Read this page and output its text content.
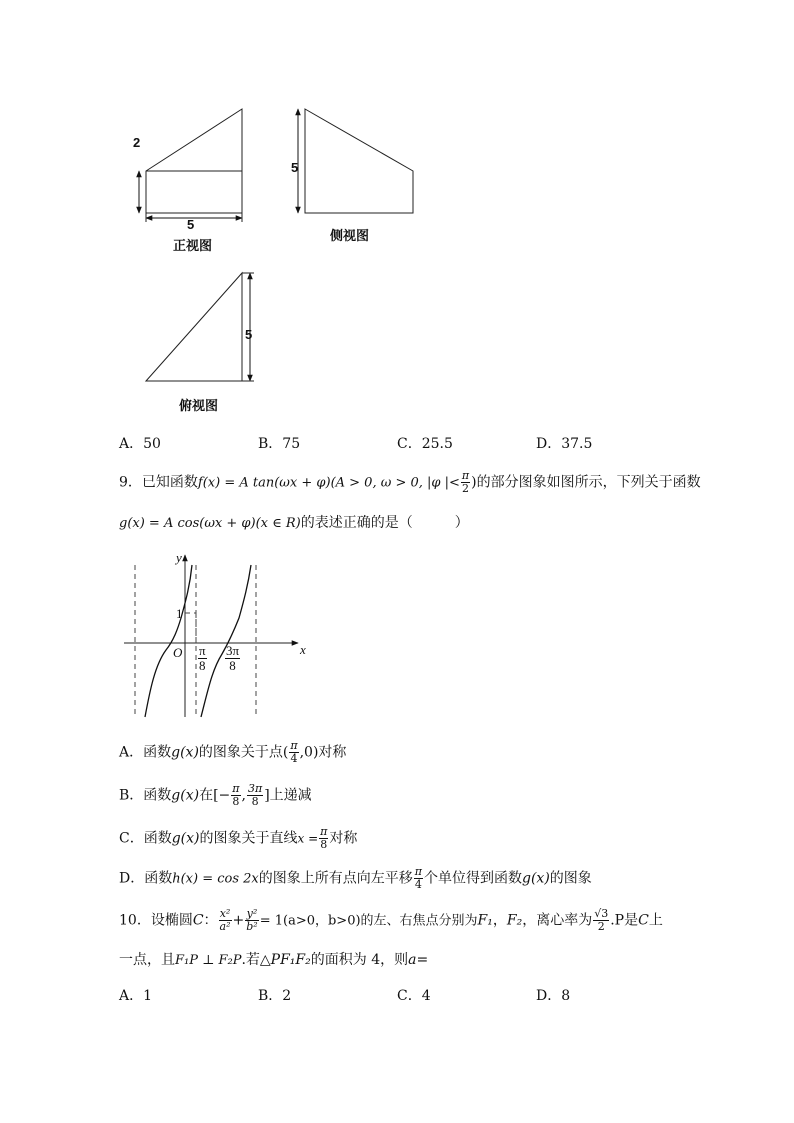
2
5
正视图
5
侧视图
5
俯视图
A．50	B．75	C．25.5	D．37.5
9．已知函数f(x) = A tan(ωx + φ)(A > 0, ω > 0, |φ |< $\frac{\pi}{2}$ )的部分图象如图所示，下列关于函数
g(x) = A cos(ωx + φ)(x ∈ R)的表述正确的是（　　　）
y
x
O
1
$\frac{\pi}{8} \frac{3\pi}{8}$
A．函数g(x)的图象关于点( $\frac{\pi}{4} ,0$)对称
B．函数g(x)在[− $\frac{\pi}{8}$ , $\frac{3\pi}{8}$ ]上递减
C．函数g(x)的图象关于直线$x = \frac{\pi}{8}$ 对称
D．函数h(x) = cos 2x的图象上所有点向左平移 $\frac{\pi}{4}$ 个单位得到函数g(x)的图象
10．设椭圆C： $\frac{\text{x²}}{\text{a²}} + \frac{\text{y²}}{\text{b²}} = 1(a>0$，b>0)的左、右焦点分别为F₁，F₂，离心率为 $\frac{√3}{2} .P$是C上
一点，且F₁P ⊥ F₂P.若△PF₁F₂的面积为 4，则a=
A．1	B．2	C．4	D．8
